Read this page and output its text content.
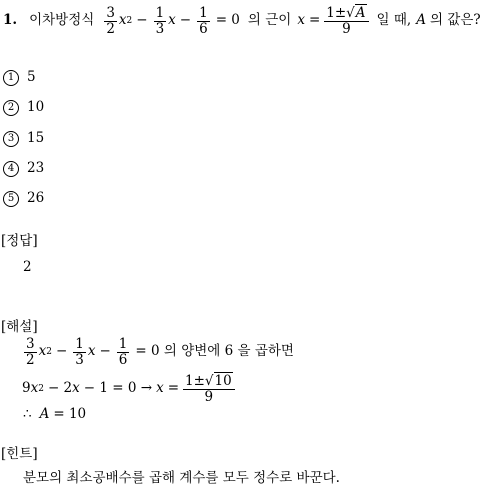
1. 이차방정식 $\frac{3}{2}$ x $2 - \frac{1}{3}$ $x - \frac{1}{6} = 0$ 의 근이 $x = \frac{1\pm√A}{9}$ 일 때, A 의 값은?
1 5
2 10
3 15
4 23
5 26
[정답]
2
[해설]
$\frac{3}{2}$ x $2 - \frac{1}{3}$ $x - \frac{1}{6} = 0$ 의 양변에 6 을 곱하면
9 x 2 − 2 $x - 1 = 0 \to x = \frac{1\pm√10}{9}$
∴ A = 10
[힌트]
분모의 최소공배수를 곱해 계수를 모두 정수로 바꾼다.
